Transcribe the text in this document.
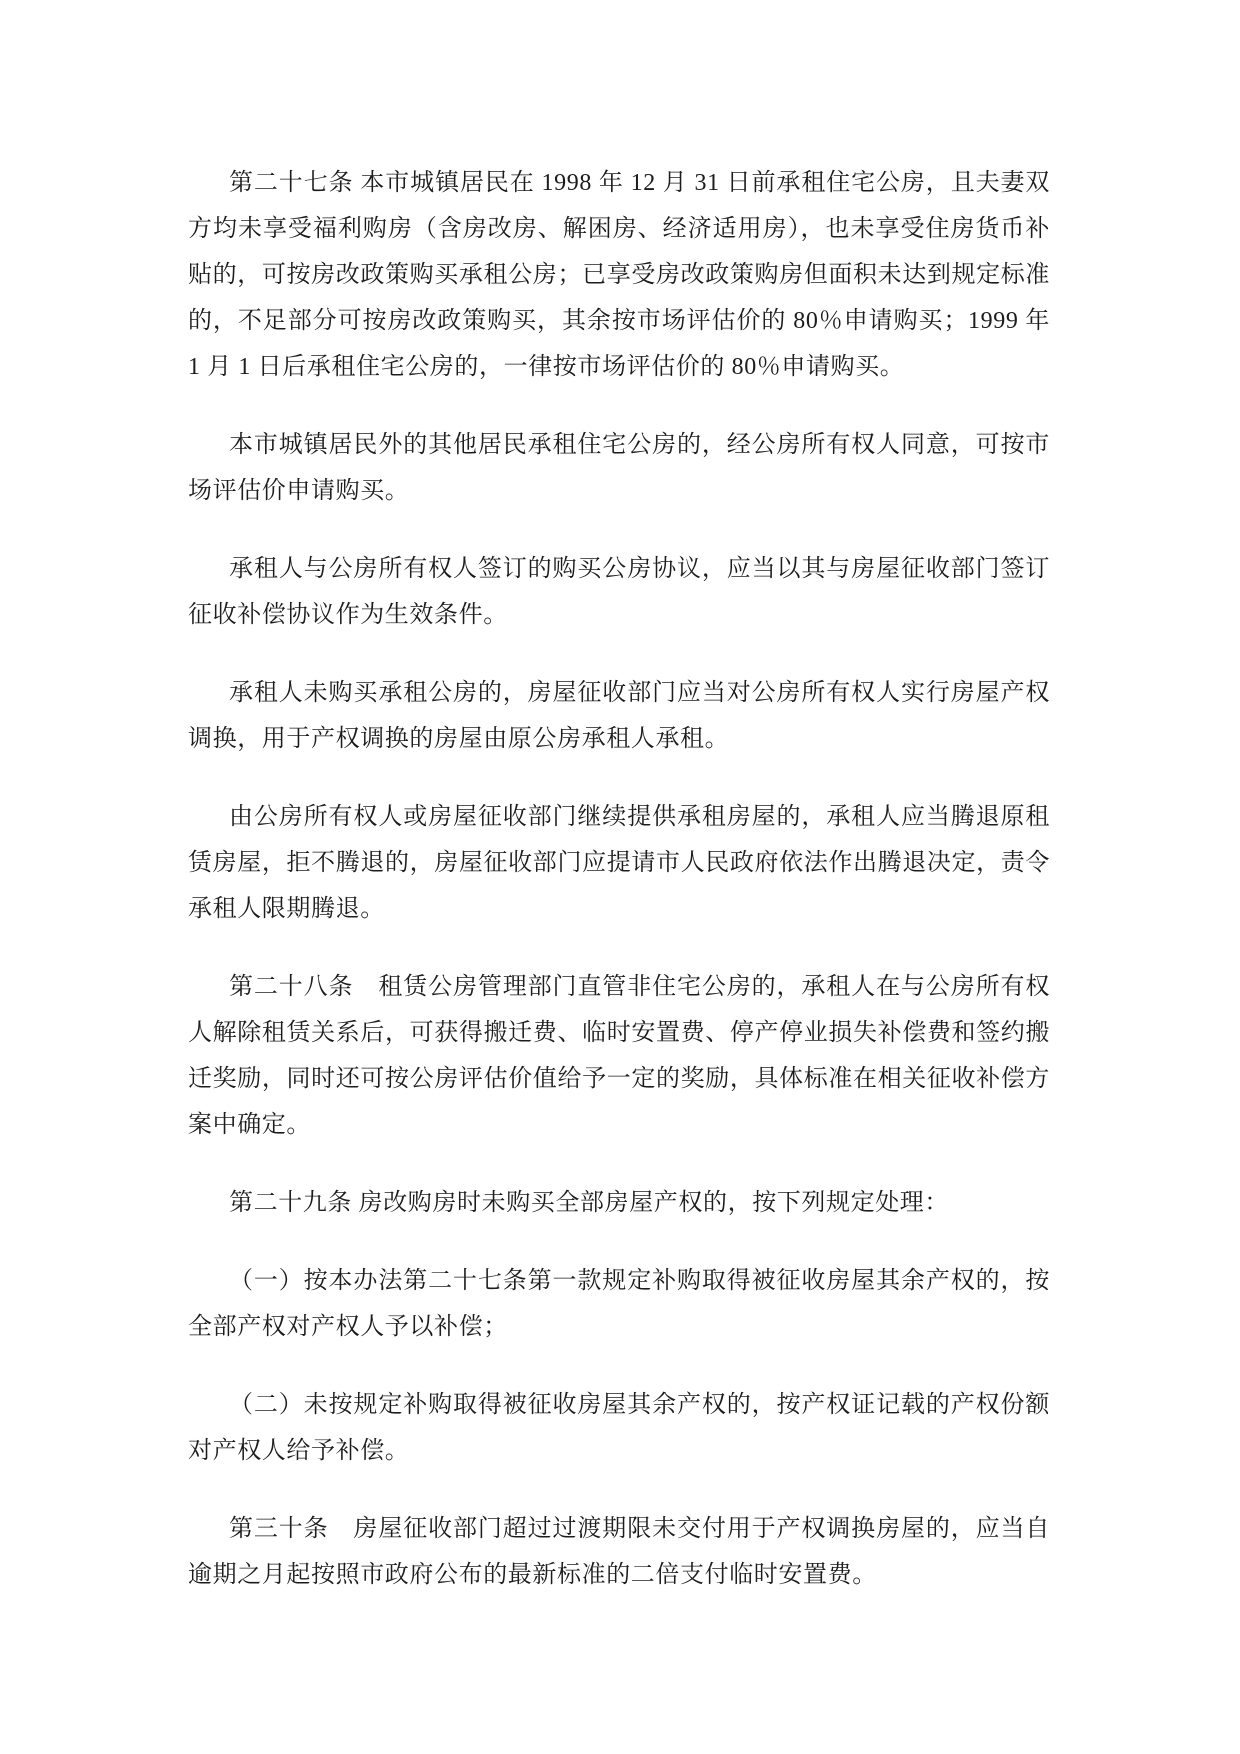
第二十七条 本市城镇居民在 1998 年 12 月 31 日前承租住宅公房，且夫妻双方均未享受福利购房（含房改房、解困房、经济适用房），也未享受住房货币补贴的，可按房改政策购买承租公房；已享受房改政策购房但面积未达到规定标准的，不足部分可按房改政策购买，其余按市场评估价的 80％申请购买；1999 年 1 月 1 日后承租住宅公房的，一律按市场评估价的 80％申请购买。

本市城镇居民外的其他居民承租住宅公房的，经公房所有权人同意，可按市场评估价申请购买。

承租人与公房所有权人签订的购买公房协议，应当以其与房屋征收部门签订征收补偿协议作为生效条件。

承租人未购买承租公房的，房屋征收部门应当对公房所有权人实行房屋产权调换，用于产权调换的房屋由原公房承租人承租。

由公房所有权人或房屋征收部门继续提供承租房屋的，承租人应当腾退原租赁房屋，拒不腾退的，房屋征收部门应提请市人民政府依法作出腾退决定，责令承租人限期腾退。

第二十八条　租赁公房管理部门直管非住宅公房的，承租人在与公房所有权人解除租赁关系后，可获得搬迁费、临时安置费、停产停业损失补偿费和签约搬迁奖励，同时还可按公房评估价值给予一定的奖励，具体标准在相关征收补偿方案中确定。

第二十九条 房改购房时未购买全部房屋产权的，按下列规定处理：

（一）按本办法第二十七条第一款规定补购取得被征收房屋其余产权的，按全部产权对产权人予以补偿；

（二）未按规定补购取得被征收房屋其余产权的，按产权证记载的产权份额对产权人给予补偿。

第三十条　房屋征收部门超过过渡期限未交付用于产权调换房屋的，应当自逾期之月起按照市政府公布的最新标准的二倍支付临时安置费。
